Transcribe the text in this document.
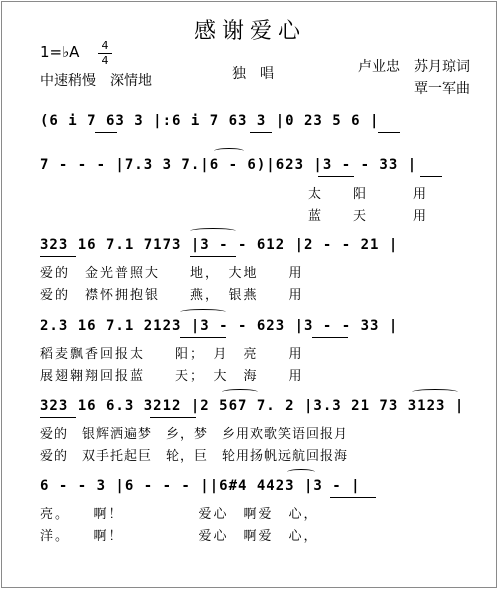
感谢爱心
1=♭A	4
4
中速稍慢　深情地	独　唱	卢业忠　苏月琼词
覃一军曲
(6 i 7 63 3 |:6 i 7 63 3 |0 23 5 6 |
7 - - - |7.3 3 7.|6 - 6)|623 |3 - - 33 |
太　　阳　　　用
蓝　　天　　　用
323 16 7.1 7173 |3 - - 612 |2 - - 21 |
爱的　金光普照大　　地，　大地　　用
爱的　襟怀拥抱银　　燕，　银燕　　用
2.3 16 7.1 2123 |3 - - 623 |3 - - 33 |
稻麦飘香回报太　　阳；　月　亮　　用
展翅翱翔回报蓝　　天；　大　海　　用
323 16 6.3 3212 |2 567 7. 2 |3.3 21 73 3123 |
爱的　银辉洒遍梦　乡，梦　乡用欢歌笑语回报月
爱的　双手托起巨　轮，巨　轮用扬帆远航回报海
6 - - 3 |6 - - - ||6#4 4423 |3 - |
亮。　　啊！　　　　　爱心　啊爱　心，
洋。　　啊！　　　　　爱心　啊爱　心，
